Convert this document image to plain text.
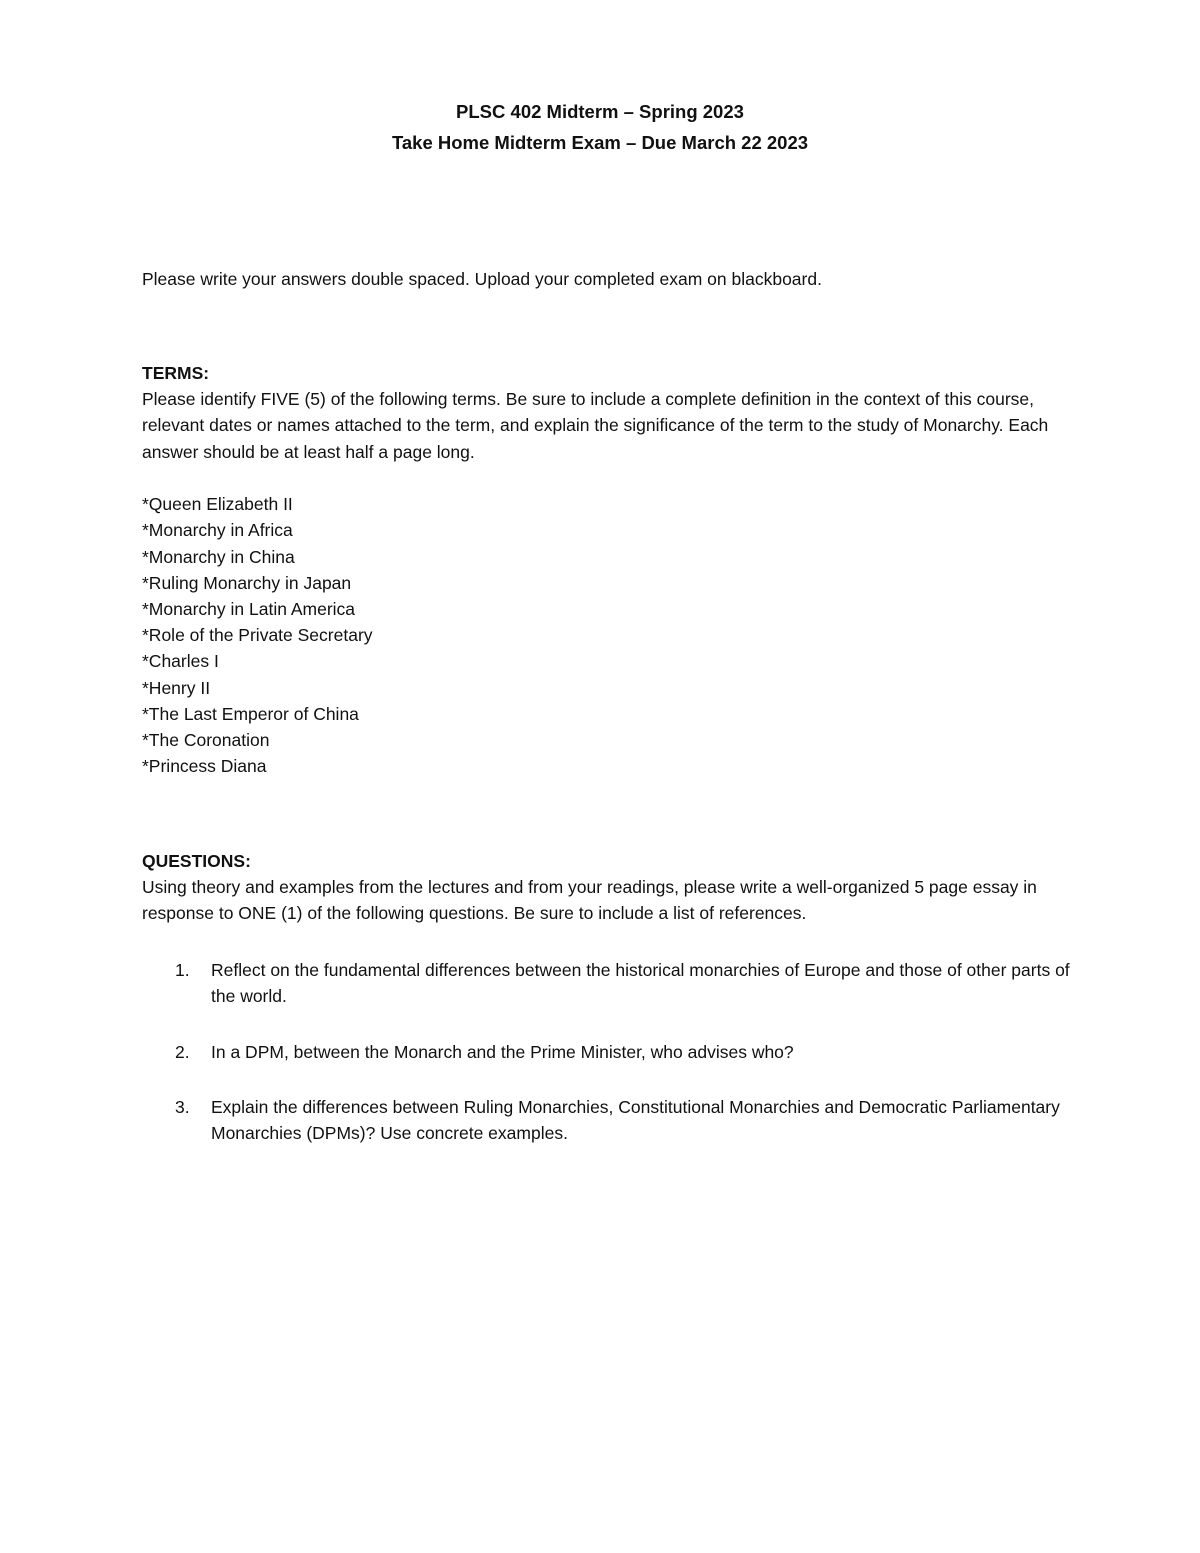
PLSC 402 Midterm – Spring 2023
Take Home Midterm Exam – Due March 22 2023

Please write your answers double spaced. Upload your completed exam on blackboard.

TERMS:

Please identify FIVE (5) of the following terms. Be sure to include a complete definition in the context of this course, relevant dates or names attached to the term, and explain the significance of the term to the study of Monarchy. Each answer should be at least half a page long.

*Queen Elizabeth II
*Monarchy in Africa
*Monarchy in China
*Ruling Monarchy in Japan
*Monarchy in Latin America
*Role of the Private Secretary
*Charles I
*Henry II
*The Last Emperor of China
*The Coronation
*Princess Diana

QUESTIONS:

Using theory and examples from the lectures and from your readings, please write a well-organized 5 page essay in response to ONE (1) of the following questions. Be sure to include a list of references.

1. Reflect on the fundamental differences between the historical monarchies of Europe and those of other parts of the world.
2. In a DPM, between the Monarch and the Prime Minister, who advises who?
3. Explain the differences between Ruling Monarchies, Constitutional Monarchies and Democratic Parliamentary Monarchies (DPMs)? Use concrete examples.
